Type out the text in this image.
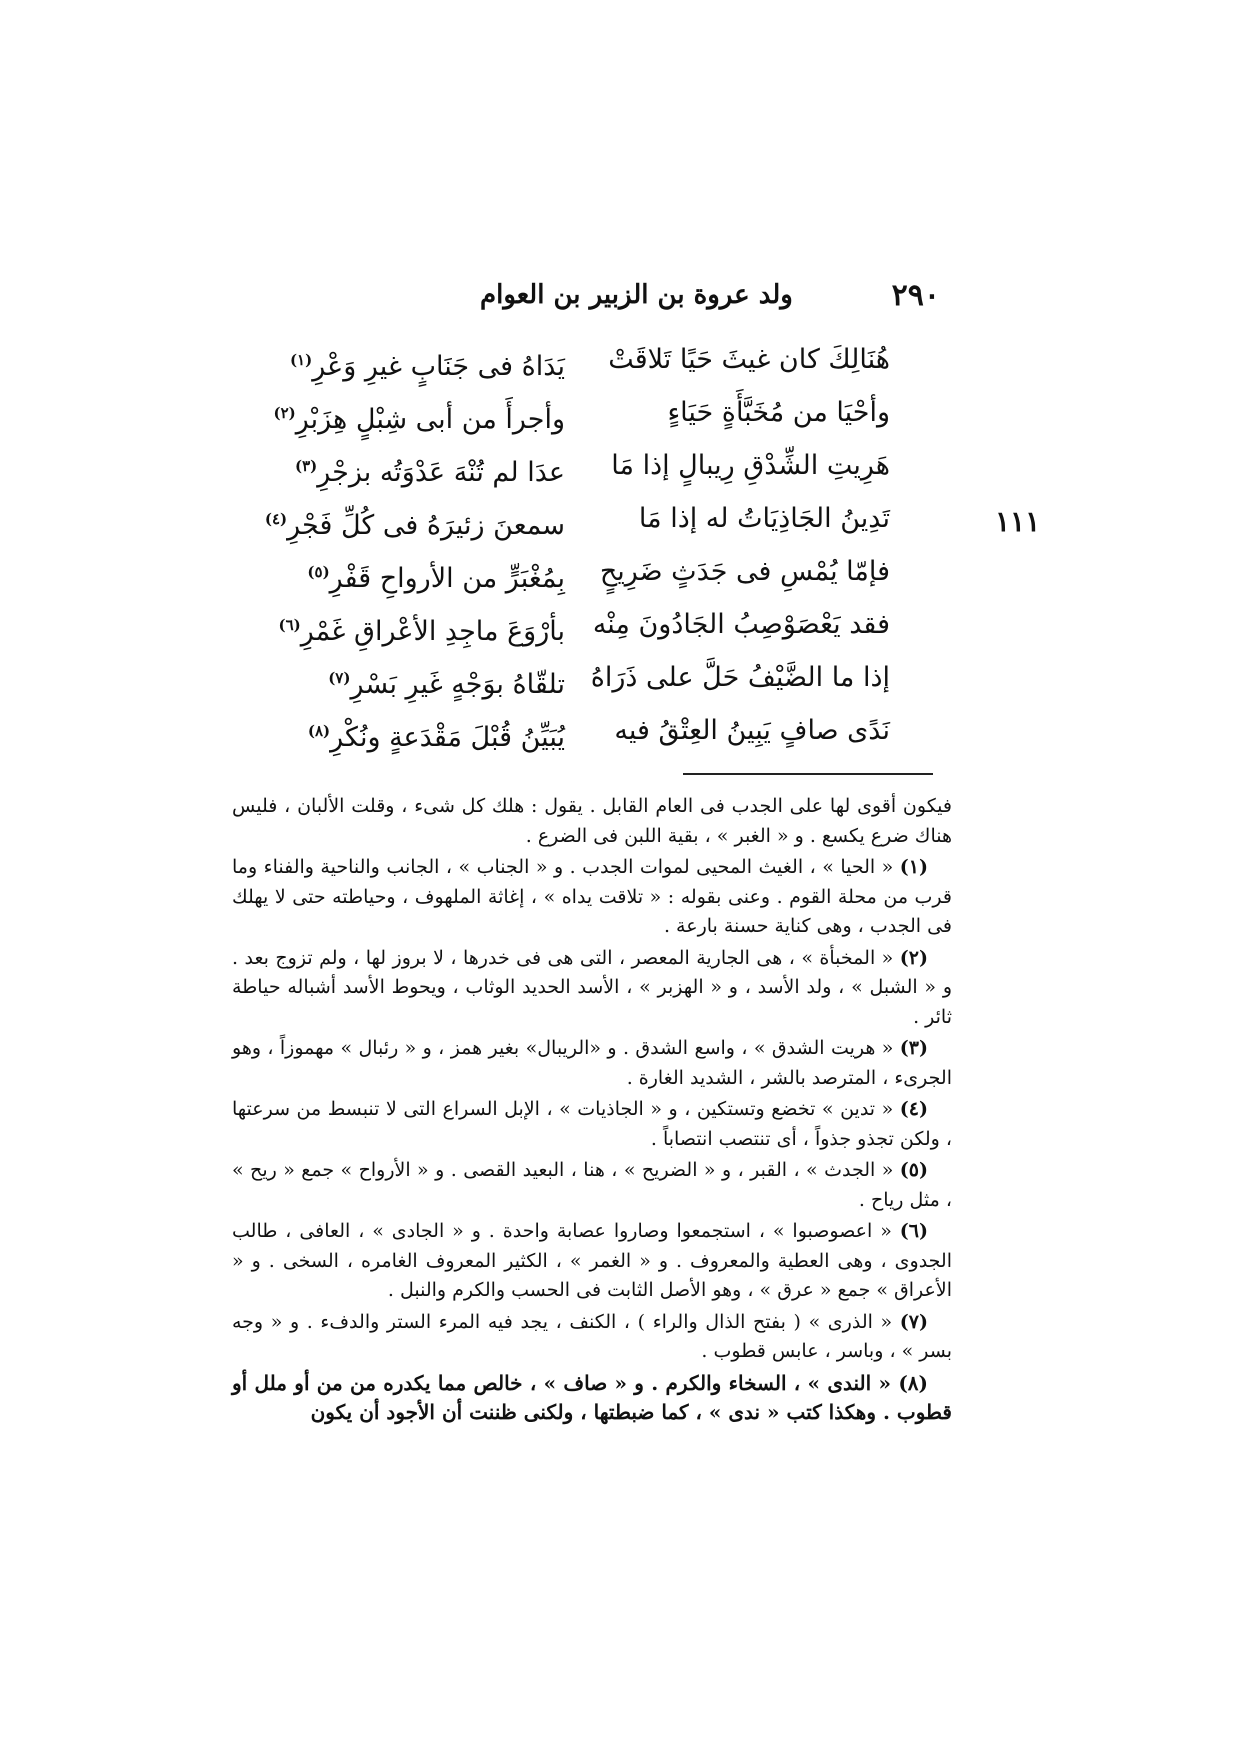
٢٩٠
ولد عروة بن الزبير بن العوام
١١١
هُنَالِكَ كان غيثَ حَيًا تَلاقَتْ
يَدَاهُ فى جَنَابٍ غيرِ وَعْرِ$^{(١)}$
وأحْيَا من مُخَبَّأَةٍ حَيَاءٍ
وأجرأَ من أبى شِبْلٍ هِزَبْرِ$^{(٢)}$
هَرِيتِ الشِّدْقِ رِيبالٍ إذا مَا
عدَا لم تُنْهَ عَدْوَتُه بزجْرِ$^{(٣)}$
تَدِينُ الجَاذِيَاتُ له إذا مَا
سمعنَ زئيرَهُ فى كُلِّ فَجْرِ$^{(٤)}$
فإمّا يُمْسِ فى جَدَثٍ ضَرِيحٍ
بِمُغْبَرٍّ من الأرواحِ قَفْرِ$^{(٥)}$
فقد يَعْصَوْصِبُ الجَادُونَ مِنْه
بأرْوَعَ ماجِدِ الأعْراقِ غَمْرِ$^{(٦)}$
إذا ما الضَّيْفُ حَلَّ على ذَرَاهُ
تلقّاهُ بوَجْهٍ غَيرِ بَسْرِ$^{(٧)}$
نَدًى صافٍ يَبِينُ العِتْقُ فيه
يُبَيِّنُ قُبْلَ مَقْدَعةٍ ونُكْرِ$^{(٨)}$

فيكون أقوى لها على الجدب فى العام القابل . يقول : هلك كل شىء ، وقلت الألبان ، فليس هناك ضرع يكسع . و « الغبر » ، بقية اللبن فى الضرع .

(١) « الحيا » ، الغيث المحيى لموات الجدب . و « الجناب » ، الجانب والناحية والفناء وما قرب من محلة القوم . وعنى بقوله : « تلاقت يداه » ، إغاثة الملهوف ، وحياطته حتى لا يهلك فى الجدب ، وهى كناية حسنة بارعة .

(٢) « المخبأة » ، هى الجارية المعصر ، التى هى فى خدرها ، لا بروز لها ، ولم تزوج بعد . و « الشبل » ، ولد الأسد ، و « الهزبر » ، الأسد الحديد الوثاب ، ويحوط الأسد أشباله حياطة ثائر .

(٣) « هريت الشدق » ، واسع الشدق . و «الريبال» بغير همز ، و « رئبال » مهموزاً ، وهو الجرىء ، المترصد بالشر ، الشديد الغارة .

(٤) « تدين » تخضع وتستكين ، و « الجاذيات » ، الإبل السراع التى لا تنبسط من سرعتها ، ولكن تجذو جذواً ، أى تنتصب انتصاباً .

(٥) « الجدث » ، القبر ، و « الضريح » ، هنا ، البعيد القصى . و « الأرواح » جمع « ريح » ، مثل رياح .

(٦) « اعصوصبوا » ، استجمعوا وصاروا عصابة واحدة . و « الجادى » ، العافى ، طالب الجدوى ، وهى العطية والمعروف . و « الغمر » ، الكثير المعروف الغامره ، السخى . و « الأعراق » جمع « عرق » ، وهو الأصل الثابت فى الحسب والكرم والنبل .

(٧) « الذرى » ( بفتح الذال والراء ) ، الكنف ، يجد فيه المرء الستر والدفء . و « وجه بسر » ، وباسر ، عابس قطوب .

(٨) « الندى » ، السخاء والكرم . و « صاف » ، خالص مما يكدره من من أو ملل أو قطوب . وهكذا كتب « ندى » ، كما ضبطتها ، ولكنى ظننت أن الأجود أن يكون
